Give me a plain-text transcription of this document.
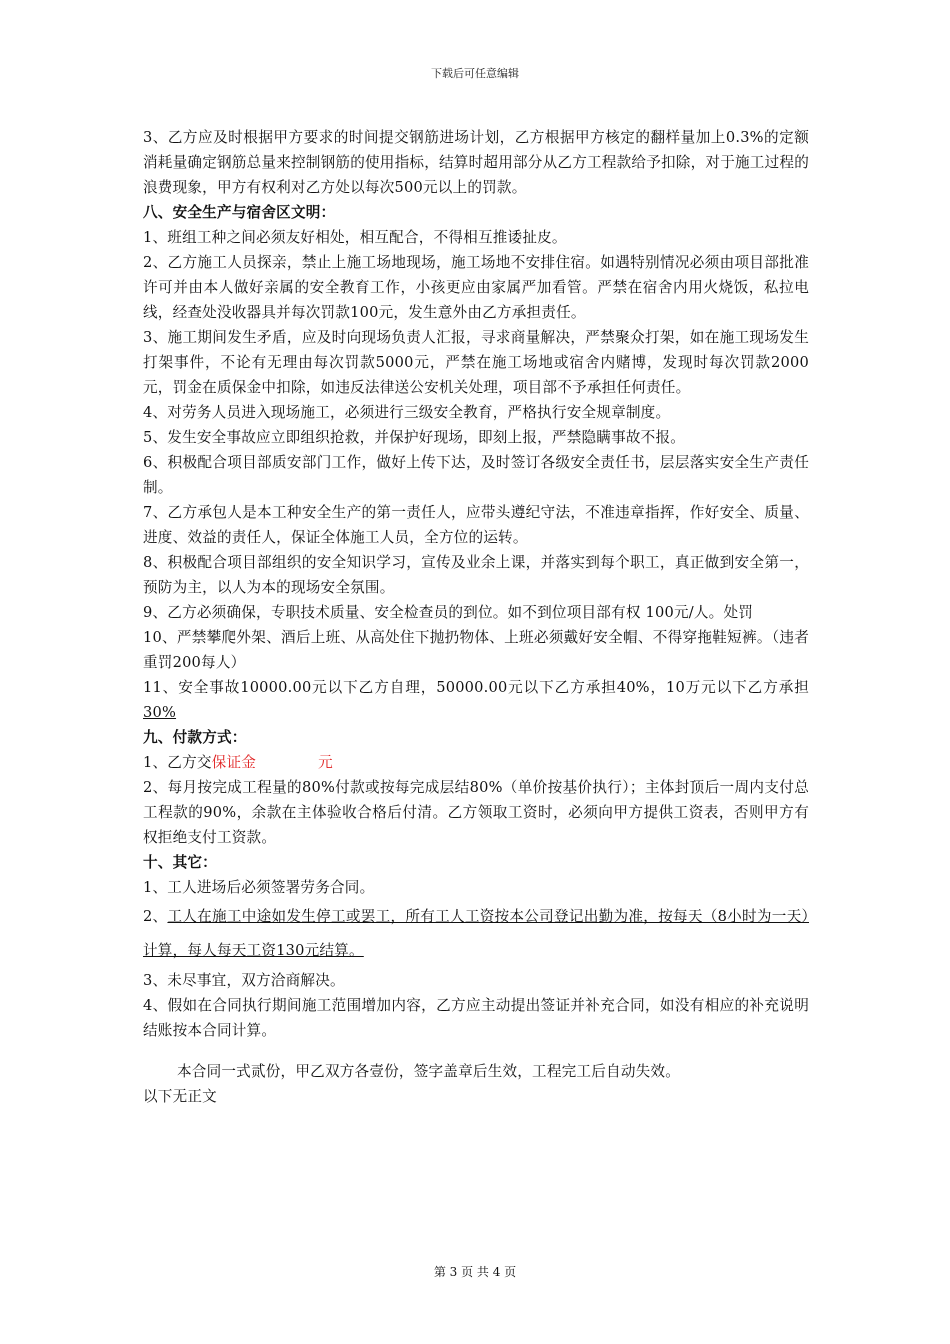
下载后可任意编辑

3、乙方应及时根据甲方要求的时间提交钢筋进场计划，乙方根据甲方核定的翻样量加上0.3%的定额消耗量确定钢筋总量来控制钢筋的使用指标，结算时超用部分从乙方工程款给予扣除，对于施工过程的浪费现象，甲方有权利对乙方处以每次500元以上的罚款。

八、安全生产与宿舍区文明：

1、班组工种之间必须友好相处，相互配合，不得相互推诿扯皮。

2、乙方施工人员探亲，禁止上施工场地现场，施工场地不安排住宿。如遇特别情况必须由项目部批准许可并由本人做好亲属的安全教育工作，小孩更应由家属严加看管。严禁在宿舍内用火烧饭，私拉电线，经查处没收器具并每次罚款100元，发生意外由乙方承担责任。

3、施工期间发生矛盾，应及时向现场负责人汇报，寻求商量解决，严禁聚众打架，如在施工现场发生打架事件，不论有无理由每次罚款5000元，严禁在施工场地或宿舍内赌博，发现时每次罚款2000元，罚金在质保金中扣除，如违反法律送公安机关处理，项目部不予承担任何责任。

4、对劳务人员进入现场施工，必须进行三级安全教育，严格执行安全规章制度。

5、发生安全事故应立即组织抢救，并保护好现场，即刻上报，严禁隐瞒事故不报。

6、积极配合项目部质安部门工作，做好上传下达，及时签订各级安全责任书，层层落实安全生产责任制。

7、乙方承包人是本工种安全生产的第一责任人，应带头遵纪守法，不准违章指挥，作好安全、质量、进度、效益的责任人，保证全体施工人员，全方位的运转。

8、积极配合项目部组织的安全知识学习，宣传及业余上课，并落实到每个职工，真正做到安全第一，预防为主，以人为本的现场安全氛围。

9、乙方必须确保，专职技术质量、安全检查员的到位。如不到位项目部有权 100元/人。处罚

10、严禁攀爬外架、酒后上班、从高处住下抛扔物体、上班必须戴好安全帽、不得穿拖鞋短裤。（违者重罚200每人）

11、安全事故10000.00元以下乙方自理，50000.00元以下乙方承担40%，10万元以下乙方承担30%

九、付款方式：

1、乙方交保证金	元

2、每月按完成工程量的80%付款或按每完成层结80%（单价按基价执行）；主体封顶后一周内支付总工程款的90%，余款在主体验收合格后付清。乙方领取工资时，必须向甲方提供工资表，否则甲方有权拒绝支付工资款。

十、其它：

1、工人进场后必须签署劳务合同。

2、工人在施工中途如发生停工或罢工，所有工人工资按本公司登记出勤为准，按每天（8小时为一天）计算，每人每天工资130元结算。

3、未尽事宜，双方洽商解决。

4、假如在合同执行期间施工范围增加内容，乙方应主动提出签证并补充合同，如没有相应的补充说明结账按本合同计算。

本合同一式贰份，甲乙双方各壹份，签字盖章后生效，工程完工后自动失效。

以下无正文

第 3 页 共 4 页
